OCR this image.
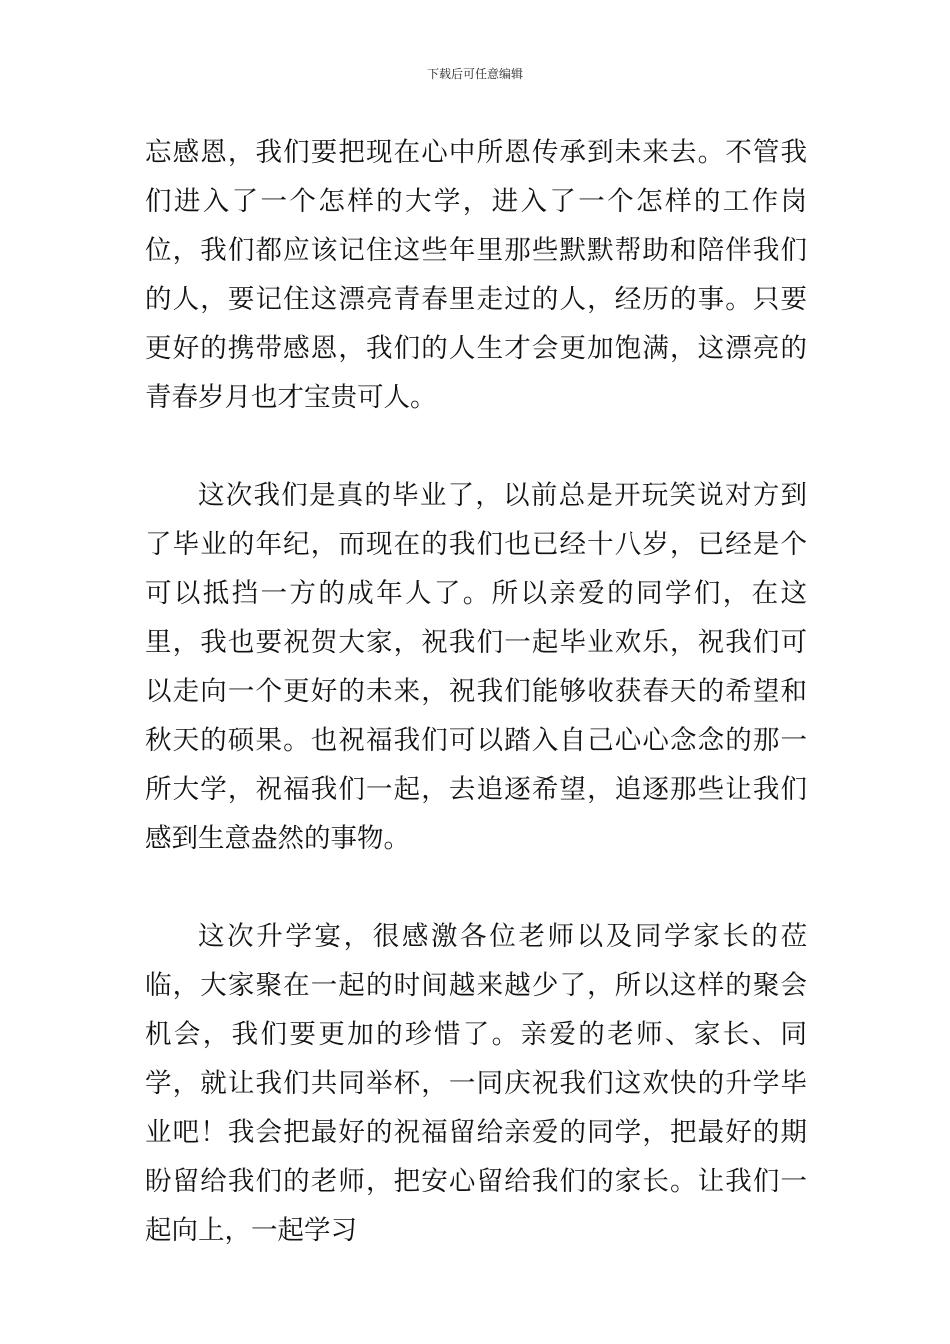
下载后可任意编辑

忘感恩，我们要把现在心中所恩传承到未来去。不管我们进入了一个怎样的大学，进入了一个怎样的工作岗位，我们都应该记住这些年里那些默默帮助和陪伴我们的人，要记住这漂亮青春里走过的人，经历的事。只要更好的携带感恩，我们的人生才会更加饱满，这漂亮的青春岁月也才宝贵可人。

这次我们是真的毕业了，以前总是开玩笑说对方到了毕业的年纪，而现在的我们也已经十八岁，已经是个可以抵挡一方的成年人了。所以亲爱的同学们，在这里，我也要祝贺大家，祝我们一起毕业欢乐，祝我们可以走向一个更好的未来，祝我们能够收获春天的希望和秋天的硕果。也祝福我们可以踏入自己心心念念的那一所大学，祝福我们一起，去追逐希望，追逐那些让我们感到生意盎然的事物。

这次升学宴，很感激各位老师以及同学家长的莅临，大家聚在一起的时间越来越少了，所以这样的聚会机会，我们要更加的珍惜了。亲爱的老师、家长、同学，就让我们共同举杯，一同庆祝我们这欢快的升学毕业吧！我会把最好的祝福留给亲爱的同学，把最好的期盼留给我们的老师，把安心留给我们的家长。让我们一起向上，一起学习
